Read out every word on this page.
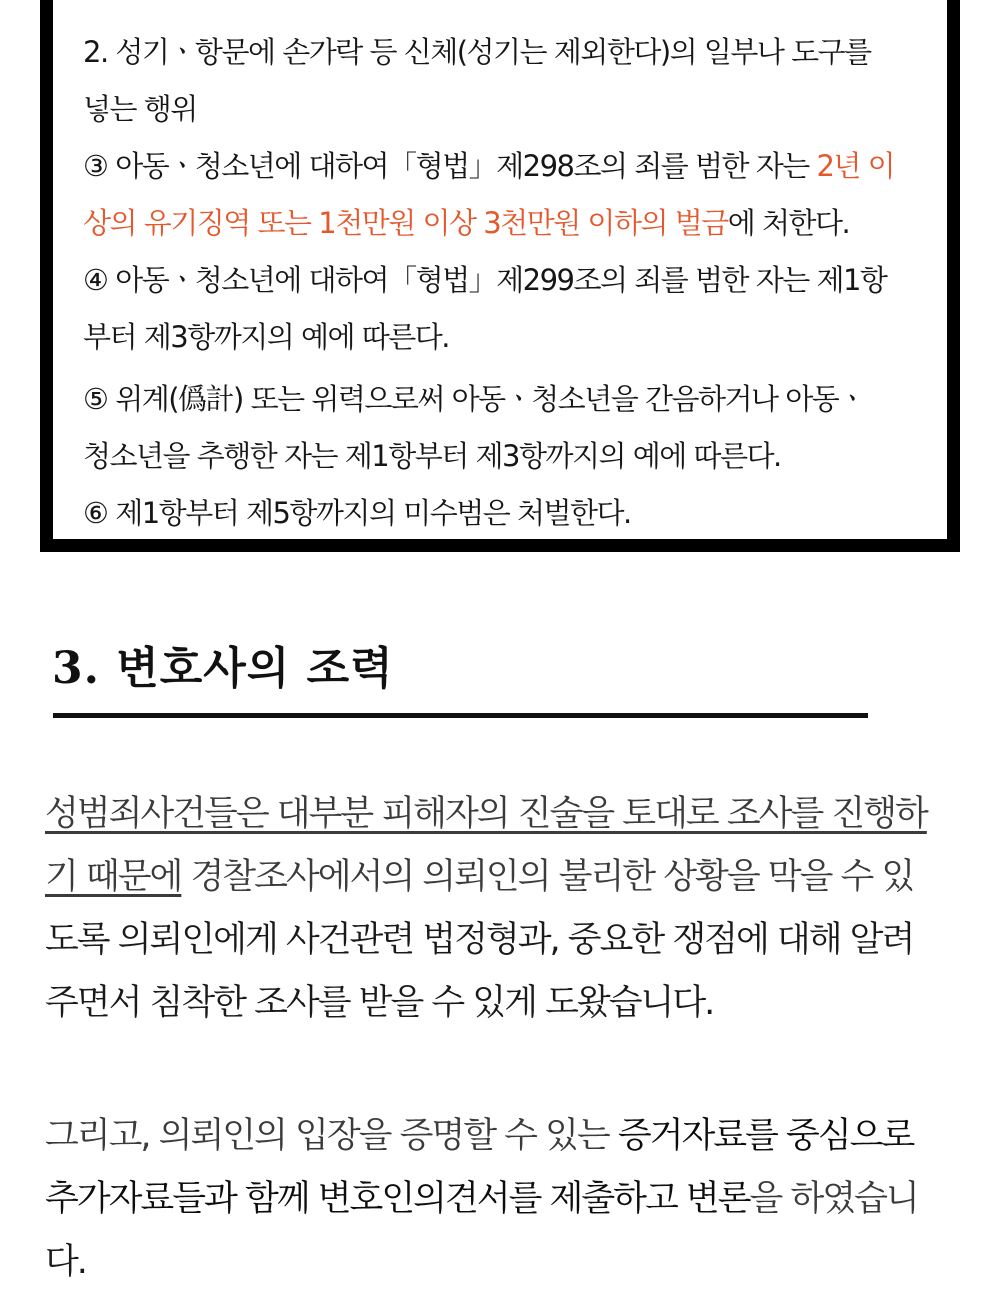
2. 성기ㆍ항문에 손가락 등 신체(성기는 제외한다)의 일부나 도구를
넣는 행위
③ 아동ㆍ청소년에 대하여「형법」제298조의 죄를 범한 자는 2년 이
상의 유기징역 또는 1천만원 이상 3천만원 이하의 벌금에 처한다.
④ 아동ㆍ청소년에 대하여「형법」제299조의 죄를 범한 자는 제1항
부터 제3항까지의 예에 따른다.
⑤ 위계(僞計) 또는 위력으로써 아동ㆍ청소년을 간음하거나 아동ㆍ
청소년을 추행한 자는 제1항부터 제3항까지의 예에 따른다.
⑥ 제1항부터 제5항까지의 미수범은 처벌한다.
3. 변호사의 조력
성범죄사건들은 대부분 피해자의 진술을 토대로 조사를 진행하
기 때문에 경찰조사에서의 의뢰인의 불리한 상황을 막을 수 있
도록 의뢰인에게 사건관련 법정형과, 중요한 쟁점에 대해 알려
주면서 침착한 조사를 받을 수 있게 도왔습니다.
그리고, 의뢰인의 입장을 증명할 수 있는 증거자료를 중심으로
추가자료들과 함께 변호인의견서를 제출하고 변론을 하였습니
다.
